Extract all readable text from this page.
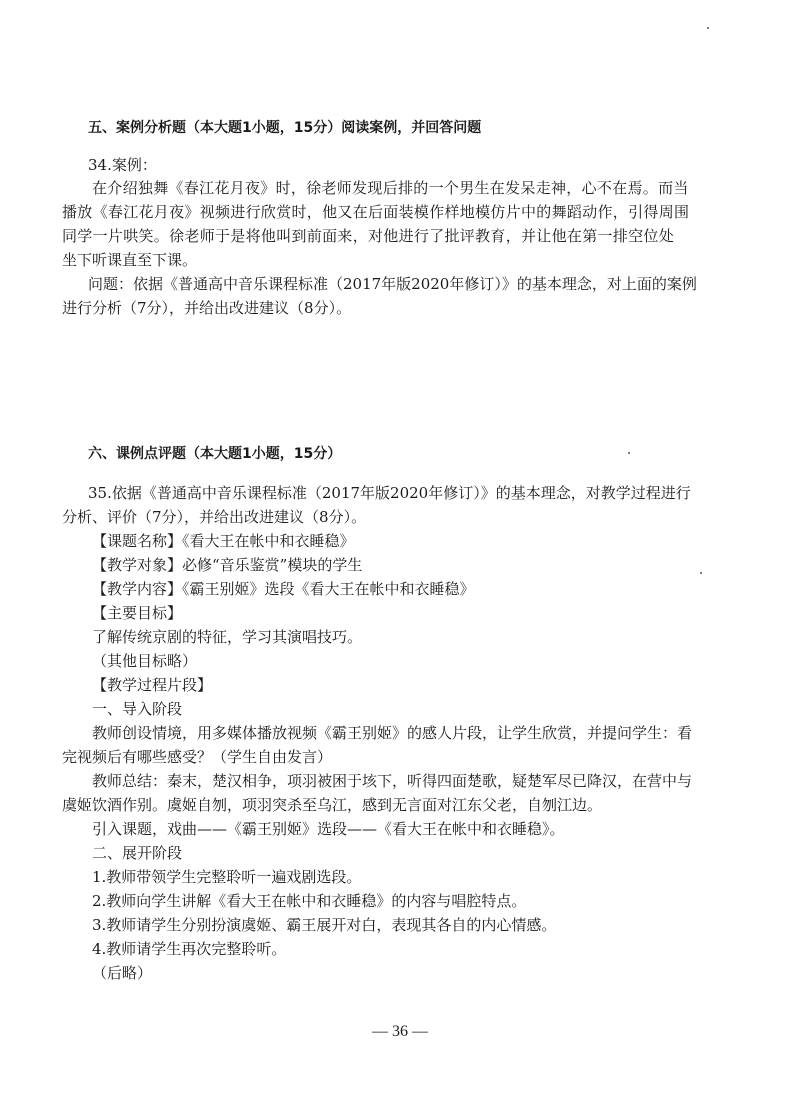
五、案例分析题（本大题1小题，15分）阅读案例，并回答问题
34.案例：
在介绍独舞《春江花月夜》时，徐老师发现后排的一个男生在发呆走神，心不在焉。而当
播放《春江花月夜》视频进行欣赏时，他又在后面装模作样地模仿片中的舞蹈动作，引得周围
同学一片哄笑。徐老师于是将他叫到前面来，对他进行了批评教育，并让他在第一排空位处
坐下听课直至下课。
问题：依据《普通高中音乐课程标准（2017年版2020年修订）》的基本理念，对上面的案例
进行分析（7分），并给出改进建议（8分）。
六、课例点评题（本大题1小题，15分）
35.依据《普通高中音乐课程标准（2017年版2020年修订）》的基本理念，对教学过程进行
分析、评价（7分），并给出改进建议（8分）。
【课题名称】《看大王在帐中和衣睡稳》
【教学对象】必修“音乐鉴赏”模块的学生
【教学内容】《霸王别姬》选段《看大王在帐中和衣睡稳》
【主要目标】
了解传统京剧的特征，学习其演唱技巧。
（其他目标略）
【教学过程片段】
一、导入阶段
教师创设情境，用多媒体播放视频《霸王别姬》的感人片段，让学生欣赏，并提问学生：看
完视频后有哪些感受？（学生自由发言）
教师总结：秦末，楚汉相争，项羽被困于垓下，听得四面楚歌，疑楚军尽已降汉，在营中与
虞姬饮酒作别。虞姬自刎，项羽突杀至乌江，感到无言面对江东父老，自刎江边。
引入课题，戏曲——《霸王别姬》选段——《看大王在帐中和衣睡稳》。
二、展开阶段
1.教师带领学生完整聆听一遍戏剧选段。
2.教师向学生讲解《看大王在帐中和衣睡稳》的内容与唱腔特点。
3.教师请学生分别扮演虞姬、霸王展开对白，表现其各自的内心情感。
4.教师请学生再次完整聆听。
（后略）
— 36 —
